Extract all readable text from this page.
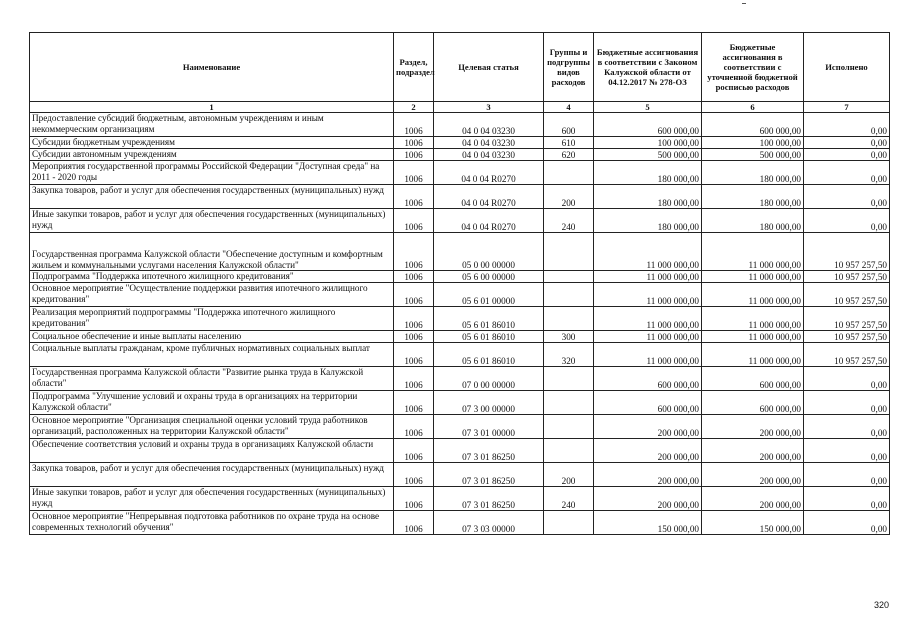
Наименование	Раздел, подраздел	Целевая статья	Группы и подгруппы видов расходов	Бюджетные ассигнования в соответствии с Законом Калужской области от 04.12.2017 № 278-ОЗ	Бюджетные ассигнования в соответствии с уточненной бюджетной росписью расходов	Исполнено
1	2	3	4	5	6	7
Предоставление субсидий бюджетным, автономным учреждениям и иным некоммерческим организациям	1006	04 0 04 03230	600	600 000,00	600 000,00	0,00
Субсидии бюджетным учреждениям	1006	04 0 04 03230	610	100 000,00	100 000,00	0,00
Субсидии автономным учреждениям	1006	04 0 04 03230	620	500 000,00	500 000,00	0,00
Мероприятия государственной программы Российской Федерации "Доступная среда" на 2011 - 2020 годы	1006	04 0 04 R0270		180 000,00	180 000,00	0,00
Закупка товаров, работ и услуг для обеспечения государственных (муниципальных) нужд	1006	04 0 04 R0270	200	180 000,00	180 000,00	0,00
Иные закупки товаров, работ и услуг для обеспечения государственных (муниципальных) нужд	1006	04 0 04 R0270	240	180 000,00	180 000,00	0,00
Государственная программа Калужской области "Обеспечение доступным и комфортным жильем и коммунальными услугами населения Калужской области"	1006	05 0 00 00000		11 000 000,00	11 000 000,00	10 957 257,50
Подпрограмма "Поддержка ипотечного жилищного кредитования"	1006	05 6 00 00000		11 000 000,00	11 000 000,00	10 957 257,50
Основное мероприятие "Осуществление поддержки развития ипотечного жилищного кредитования"	1006	05 6 01 00000		11 000 000,00	11 000 000,00	10 957 257,50
Реализация мероприятий подпрограммы "Поддержка ипотечного жилищного кредитования"	1006	05 6 01 86010		11 000 000,00	11 000 000,00	10 957 257,50
Социальное обеспечение и иные выплаты населению	1006	05 6 01 86010	300	11 000 000,00	11 000 000,00	10 957 257,50
Социальные выплаты гражданам, кроме публичных нормативных социальных выплат	1006	05 6 01 86010	320	11 000 000,00	11 000 000,00	10 957 257,50
Государственная программа Калужской области "Развитие рынка труда в Калужской области"	1006	07 0 00 00000		600 000,00	600 000,00	0,00
Подпрограмма "Улучшение условий и охраны труда в организациях на территории Калужской области"	1006	07 3 00 00000		600 000,00	600 000,00	0,00
Основное мероприятие "Организация специальной оценки условий труда работников организаций, расположенных на территории Калужской области"	1006	07 3 01 00000		200 000,00	200 000,00	0,00
Обеспечение соответствия условий и охраны труда в организациях Калужской области	1006	07 3 01 86250		200 000,00	200 000,00	0,00
Закупка товаров, работ и услуг для обеспечения государственных (муниципальных) нужд	1006	07 3 01 86250	200	200 000,00	200 000,00	0,00
Иные закупки товаров, работ и услуг для обеспечения государственных (муниципальных) нужд	1006	07 3 01 86250	240	200 000,00	200 000,00	0,00
Основное мероприятие "Непрерывная подготовка работников по охране труда на основе современных технологий обучения"	1006	07 3 03 00000		150 000,00	150 000,00	0,00
320
